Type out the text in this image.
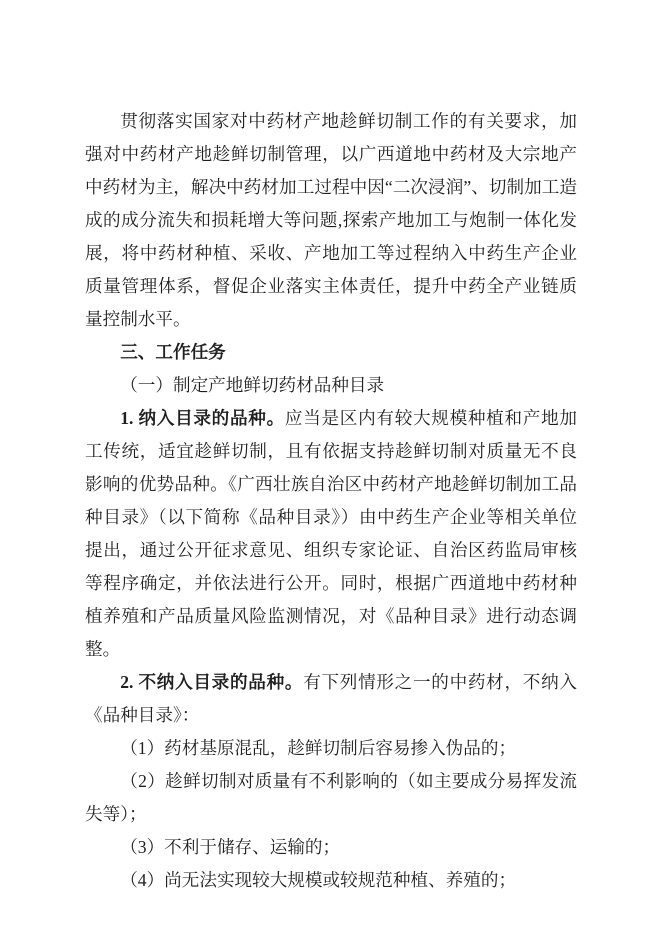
贯彻落实国家对中药材产地趁鲜切制工作的有关要求，加强对中药材产地趁鲜切制管理，以广西道地中药材及大宗地产中药材为主，解决中药材加工过程中因“二次浸润”、切制加工造成的成分流失和损耗增大等问题,探索产地加工与炮制一体化发展，将中药材种植、采收、产地加工等过程纳入中药生产企业质量管理体系，督促企业落实主体责任，提升中药全产业链质量控制水平。

三、工作任务

（一）制定产地鲜切药材品种目录

1. 纳入目录的品种。应当是区内有较大规模种植和产地加工传统，适宜趁鲜切制，且有依据支持趁鲜切制对质量无不良影响的优势品种。《广西壮族自治区中药材产地趁鲜切制加工品种目录》（以下简称《品种目录》）由中药生产企业等相关单位提出，通过公开征求意见、组织专家论证、自治区药监局审核等程序确定，并依法进行公开。同时，根据广西道地中药材种植养殖和产品质量风险监测情况，对《品种目录》进行动态调整。

2. 不纳入目录的品种。有下列情形之一的中药材，不纳入《品种目录》：

（1）药材基原混乱，趁鲜切制后容易掺入伪品的；

（2）趁鲜切制对质量有不利影响的（如主要成分易挥发流失等）；

（3）不利于储存、运输的；

（4）尚无法实现较大规模或较规范种植、养殖的；
